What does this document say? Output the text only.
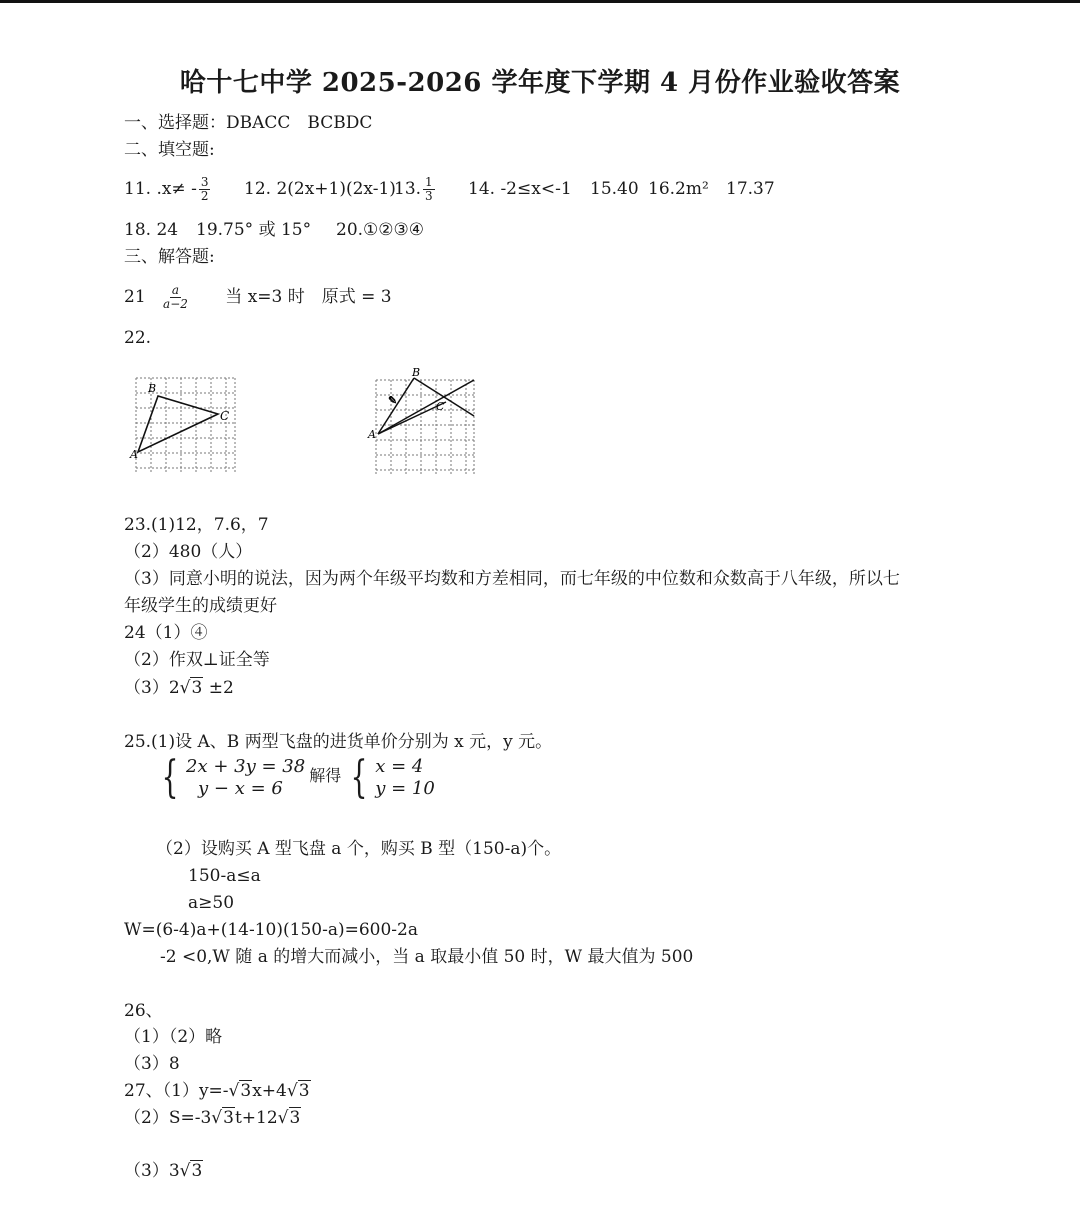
哈十七中学 2025-2026 学年度下学期 4 月份作业验收答案
一、选择题：DBACC　BCBDC
二、填空题:
11. $.x\ne - \frac{3}{2} 12$. 2(2x+1)(2x-1)
13. $\frac{1}{3} 14$. -2≤x<-1 15.40 16.2m² 17.37
18. 24 19.75° 或 15° 20.①②③④
三、解答题:
$21 \frac{a}{a-2}$ 当 x=3 时　原式 = 3
22.
A
B
C
✎
A
B
C
23.(1)12，7.6，7
（2）480（人）
（3）同意小明的说法，因为两个年级平均数和方差相同，而七年级的中位数和众数高于八年级，所以七
年级学生的成绩更好
24（1）④
（2）作双⊥证全等
（3）2√3 ±2
25.(1)设 A、B 两型飞盘的进货单价分别为 x 元，y 元。
{ 2x + 3y = 38
y − x = 6
解得 { x = 4
y = 10
（2）设购买 A 型飞盘 a 个，购买 B 型（150-a)个。
150-a≤a
a≥50
W=(6-4)a+(14-10)(150-a)=600-2a
-2 <0,W 随 a 的增大而减小，当 a 取最小值 50 时，W 最大值为 500
26、
（1）（2）略
（3）8
27、（1）y=-√3x+4√3
（2）S=-3√3t+12√3
（3）3√3
